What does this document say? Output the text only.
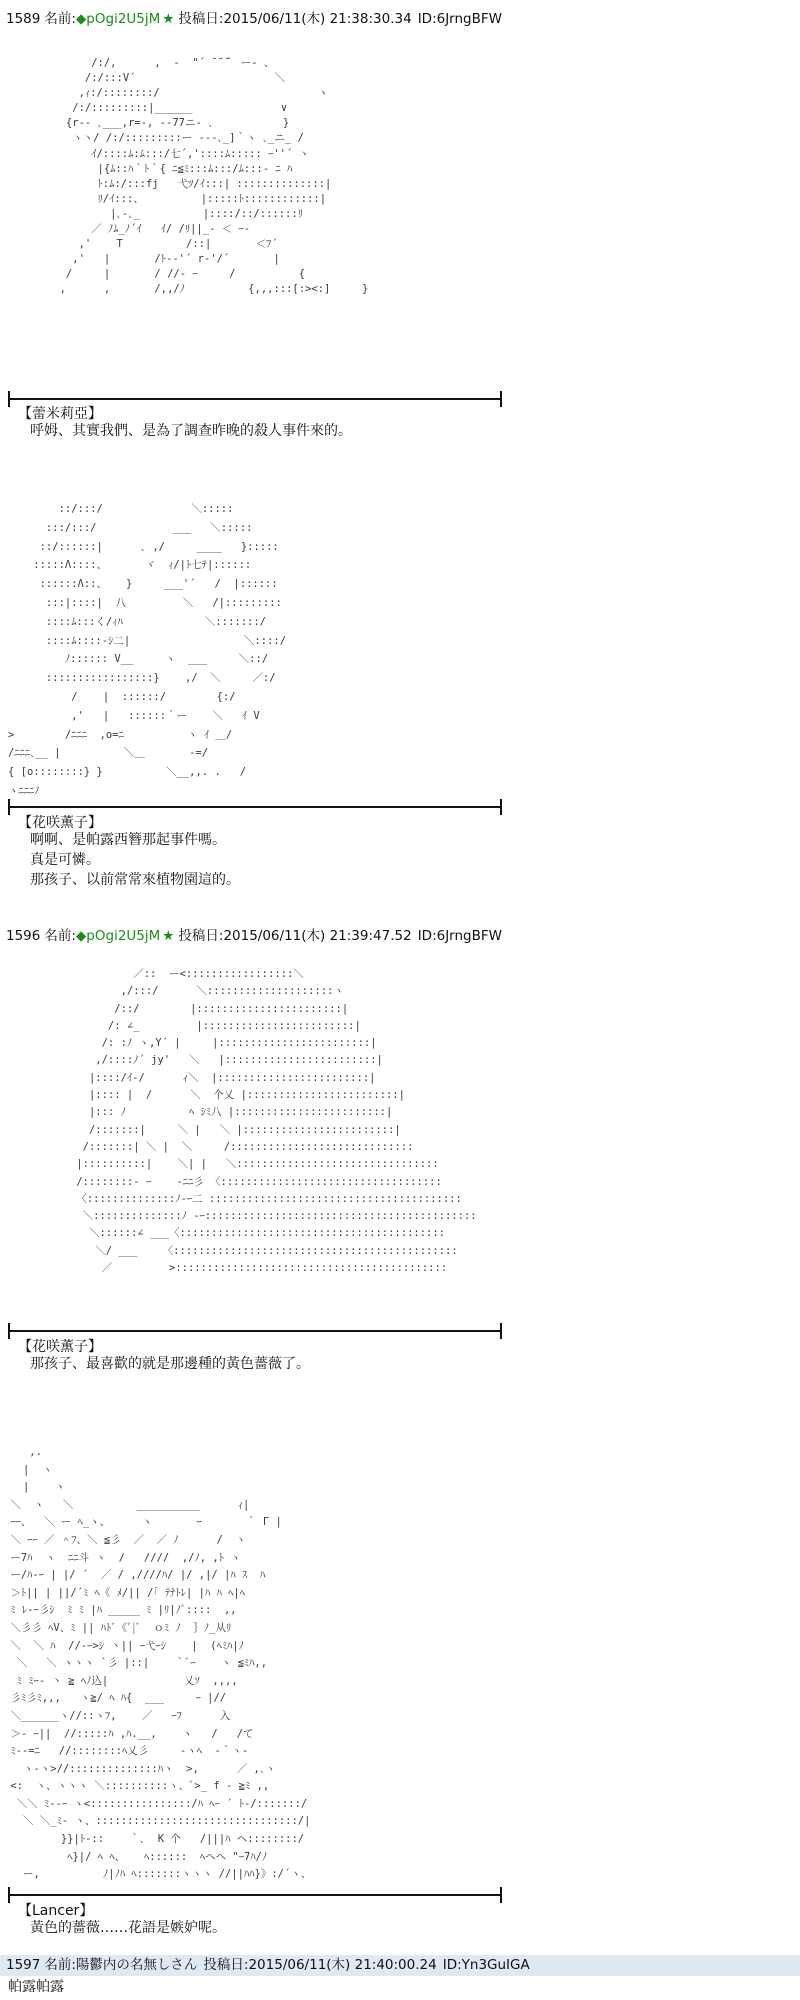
1589 名前:◆pOgi2U5jM ★ 投稿日:2015/06/11(木) 21:38:30.34 ID:6JrngBFW
/:/,      ,  -  "´ ̄ ̄ ̄｀ ー- 、
/:/:::V´                      ＼
,ｨ:/::::::::/                         ヽ
/:/:::::::::|______              ∨
{r‐- ､___,r=-, ‐-77ニ‐ ､           }
ヽヽ/ /:/:::::::::ー ‐‐-､_]｀ヽ ､_ニ_ /
ｲ/::::ﾑ:ﾑ:::/七´,'::::ﾑ::::: ｰ''´ ヽ
|{ﾑ::ﾊ｀ﾄ｀{ ﾆ≦ﾐ:::ﾑ:::/ﾑ:::‐ ﾆ ﾊ
ﾄ:ﾑ:/:::fj   弋ﾂ/ｲ:::| ::::::::::::::|
ﾘ/ｲ:::、         |:::::ﾄ::::::::::::|
|､-､_          |::::/::/::::::ﾘ
／ ﾉﾑ_ﾉ´ｲ   ｲ/ /ﾘ||_- ＜ ｰ-
,'    T          /::|       ＜ﾌ´
,'   |       /ﾄ-‐'´ r‐'/´       |
/     |       / //‐ ｰ     /          {
,      ,       /,,/ﾉ          {,,,:::[:><:]     }
【蕾米莉亞】
呼姆、其實我們、是為了調查昨晚的殺人事件來的。
::/:::/              ＼:::::
:::/:::/            ___   ＼:::::
::/::::::|      ､ ,/     ____   }:::::
:::::Λ::::、      ヾ  ｨ/|ﾄ七ﾃ|::::::
::::::Λ::、   }     ___'´   /  |::::::
:::|::::|  八         ＼   /|:::::::::
::::ﾑ:::く/ｨﾊ             ＼:::::::/
::::ﾑ::::‐ｼ二|                  ＼::::/
ﾉ:::::: V__     ヽ  ___     ＼::/
:::::::::::::::::}    ,/  ＼     ／:/
/    |  ::::::/        {:/
,'   |   ::::::｀ー    ＼   ｲ V
>        /ﾆﾆﾆ  ,o=ﾆ          ヽ ｲ ＿/
/ﾆﾆﾆ､__ |          ＼＿       ‐=/
{ [o::::::::} }          ＼__,,. .   /
ヽﾆﾆﾆﾉ
【花咲薫子】
啊啊、是帕露西簪那起事件嗎。
真是可憐。
那孩子、以前常常來植物園這的。
1596 名前:◆pOgi2U5jM ★ 投稿日:2015/06/11(木) 21:39:47.52 ID:6JrngBFW
／::  ー<:::::::::::::::::＼
,/:::/      ＼::::::::::::::::::::ヽ
/::/        |:::::::::::::::::::::::|
/: ∠_         |::::::::::::::::::::::::|
/: :ﾉ ヽ,Y´ |     |::::::::::::::::::::::::|
,/::::ﾉ´ jy'   ＼   |::::::::::::::::::::::::|
|::::/ｲ-/      ｨ＼  |::::::::::::::::::::::::|
|:::: |  /      ＼  个乂 |::::::::::::::::::::::::|
|::: ﾉ          ﾍ ｼﾐ八 |::::::::::::::::::::::::|
/:::::::|     ＼ |   ＼ |::::::::::::::::::::::::|
/:::::::| ＼ |  ＼     /:::::::::::::::::::::::::::::
|::::::::::|    ＼| |   ＼::::::::::::::::::::::::::::::::
/::::::::‐ ｰ    -ﾆﾆ彡 〈:::::::::::::::::::::::::::::::::::
〈::::::::::::::ﾉ‐ｰ二 ::::::::::::::::::::::::::::::::::::::::
＼::::::::::::::ﾉ ‐ｰ:::::::::::::::::::::::::::::::::::::::::::
＼::::::∠ ___〈::::::::::::::::::::::::::::::::::::::::::
＼/ ___    〈:::::::::::::::::::::::::::::::::::::::::::::
／         >:::::::::::::::::::::::::::::::::::::::::::
【花咲薫子】
那孩子、最喜歡的就是那邊種的黃色薔薇了。
,.
|  ヽ
|    ヽ
＼  ヽ   ＼          __________      ｨ|
ｰｰ、  ＼ ー ﾍ_ヽ、     ヽ       ｰ       ｀ Γ |
＼ ｰｰ ／ ＾ﾌ、＼ ≦彡  ／  ／ ﾉ      /  ヽ
ー7ﾊ  ヽ  ﾆﾆ斗 ヽ  /   ////  ,/ﾉ, ,ﾄ ヽ
ー/ﾊ-ｰ | |/ ´  ／ / ,////ﾊ/ |/ ,|/ |ﾊ ｽ  ﾊ
＞ﾄ|| | ||/´ﾐ ﾍ《 ﾒ/|| /｢ ﾃﾅﾄﾚ| |ﾊ ﾊ ﾍ|ﾍ
ﾐ ﾚ-ｰ彡ｼ  ﾐ ﾐ |ﾊ _____ ﾐ |ﾘ|ﾉﾟ::::  ,,
＼彡彡 ﾍV、ﾐ || ﾊﾄﾞ《ﾞ|ﾞ  ｏﾐ ﾉ  ｝ﾉ_从ﾘ
＼  ＼ ﾊ  //‐ｰ>ｼ 丶|| ｰ弋ｰｼ    |  (ﾍﾐﾊ|ﾉ
＼   ＼ ヽヽヽ `彡 |::|    ｀ﾞｰ    ヽ ≦ﾐﾊ,,
ﾐ ﾐｰ- 丶 ≧ ﾍﾉ込|            乂ｿ  ,,,,
彡ﾐ彡ﾐ,,,   ヽ≧/ ﾍ ﾊ{  ___     ｰ |//
＼______ヽ//::ヽﾌ,    ／   ｰﾌ      入
＞‐ ｰ||  //:::::ﾊ ,ﾊ.__,    ヽ   /   /て
ﾐ‐‐=ﾆ   //::::::::ﾍ乂彡     ‐ヽﾍ  ‐｀ヽ‐
ヽ-ヽ>//::::::::::::::ﾊヽ  >,      ／ ,､ヽ
<:  ヽ、ヽヽヽ ＼::::::::::ヽ、ﾟ>_ f ‐ ≧ﾐ ,,
＼＼ ﾐ--ｰ ヽ<::::::::::::::::/ﾊ ﾍｰ ´ ﾄ-/:::::::/
＼ ＼_ﾐ- ヽ、::::::::::::::::::::::::::::::::/|
}}|ﾄ-::    ｀､  K 个   /|||ﾊ ヘ::::::::/
ﾍ}|/ ﾍ ﾍ、   ﾍ::::::  ﾍヘヘ "ｰ7ﾊ/ﾉ
ー,          ﾉ|ﾉﾊ ﾍ:::::::ヽヽヽ //||ﾊﾊ}》:/´ヽ、
【Lancer】
黃色的薔薇……花語是嫉妒呢。
1597 名前:陽鬱内の名無しさん 投稿日:2015/06/11(木) 21:40:00.24 ID:Yn3GuIGA
帕露帕露
